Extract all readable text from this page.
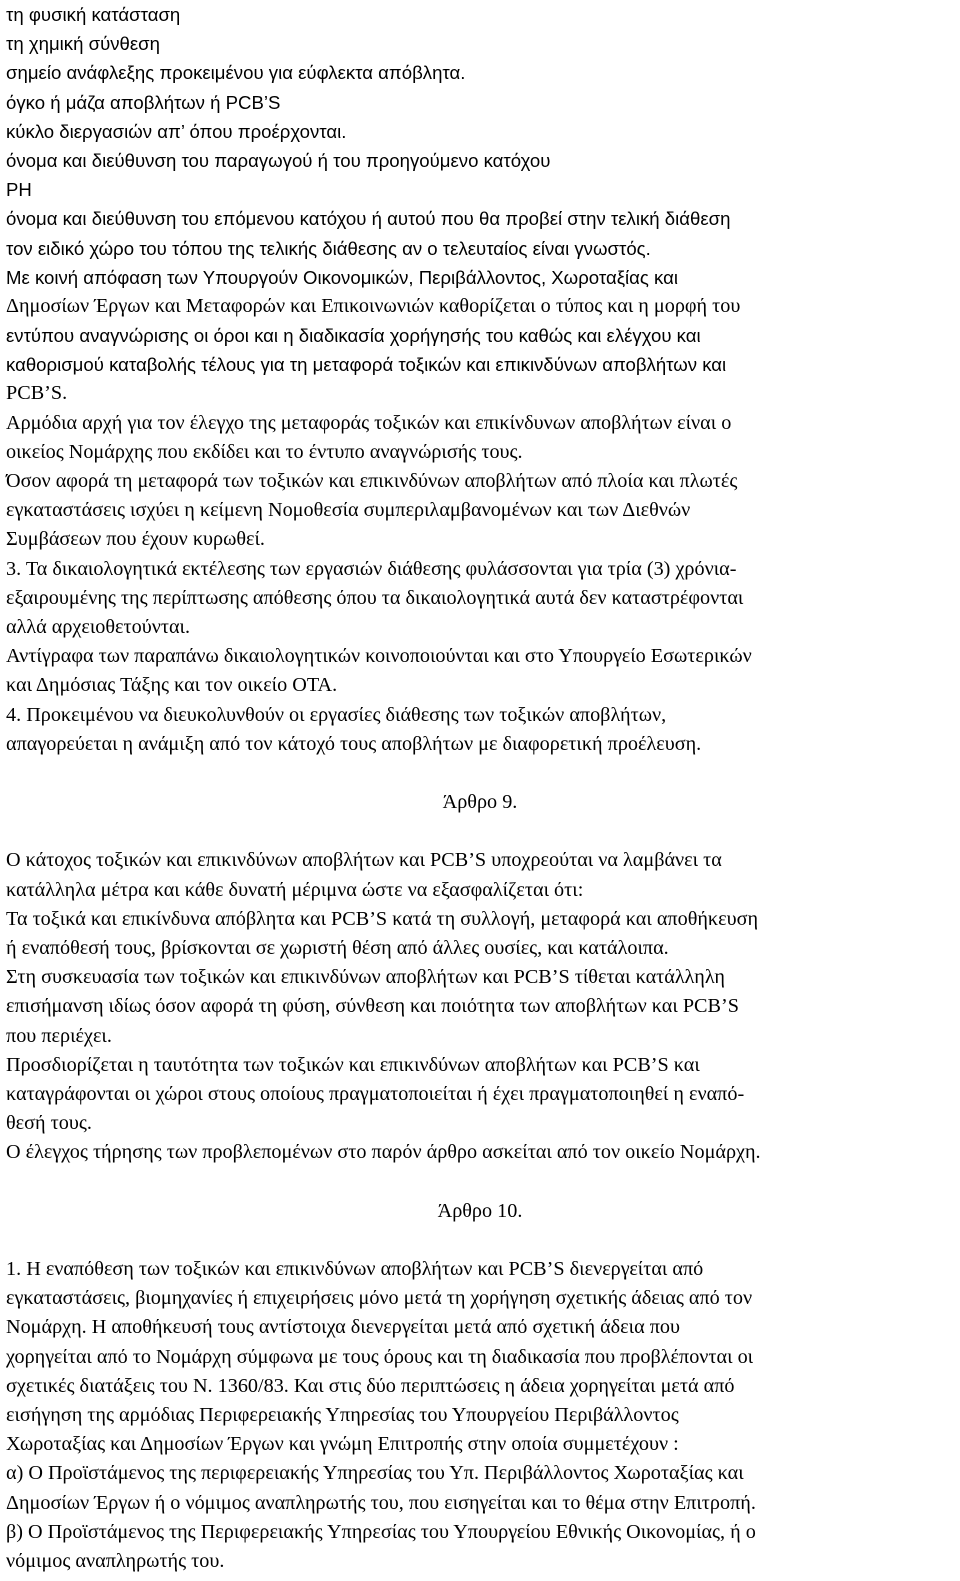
τη φυσική κατάσταση
τη χημική σύνθεση
σημείο ανάφλεξης προκειμένου για εύφλεκτα απόβλητα.
όγκο ή μάζα αποβλήτων ή PCB’S
κύκλο διεργασιών απ’ όπου προέρχονται.
όνομα και διεύθυνση του παραγωγού ή του προηγούμενο κατόχου
PH
όνομα και διεύθυνση του επόμενου κατόχου ή αυτού που θα προβεί στην τελική διάθεση
τον ειδικό χώρο του τόπου της τελικής διάθεσης αν ο τελευταίος είναι γνωστός.
Με κοινή απόφαση των Υπουργούν Οικονομικών, Περιβάλλοντος, Χωροταξίας και
Δημοσίων Έργων και Μεταφορών και Επικοινωνιών καθορίζεται ο τύπος και η μορφή του
εντύπου αναγνώρισης οι όροι και η διαδικασία χορήγησής του καθώς και ελέγχου και
καθορισμού καταβολής τέλους για τη μεταφορά τοξικών και επικινδύνων αποβλήτων και
PCB’S.
Αρμόδια αρχή για τον έλεγχο της μεταφοράς τοξικών και επικίνδυνων αποβλήτων είναι ο
οικείος Νομάρχης που εκδίδει και το έντυπο αναγνώρισής τους.
Όσον αφορά τη μεταφορά των τοξικών και επικινδύνων αποβλήτων από πλοία και πλωτές
εγκαταστάσεις ισχύει η κείμενη Νομοθεσία συμπεριλαμβανομένων και των Διεθνών
Συμβάσεων που έχουν κυρωθεί.
3. Τα δικαιολογητικά εκτέλεσης των εργασιών διάθεσης φυλάσσονται για τρία (3) χρόνια-
εξαιρουμένης της περίπτωσης απόθεσης όπου τα δικαιολογητικά αυτά δεν καταστρέφονται
αλλά αρχειοθετούνται.
Αντίγραφα των παραπάνω δικαιολογητικών κοινοποιούνται και στο Υπουργείο Εσωτερικών
και Δημόσιας Τάξης και τον οικείο ΟΤΑ.
4. Προκειμένου να διευκολυνθούν οι εργασίες διάθεσης των τοξικών αποβλήτων,
απαγορεύεται η ανάμιξη από τον κάτοχό τους αποβλήτων με διαφορετική προέλευση.
Άρθρο 9.
Ο κάτοχος τοξικών και επικινδύνων αποβλήτων και PCB’S υποχρεούται να λαμβάνει τα
κατάλληλα μέτρα και κάθε δυνατή μέριμνα ώστε να εξασφαλίζεται ότι:
Τα τοξικά και επικίνδυνα απόβλητα και PCB’S κατά τη συλλογή, μεταφορά και αποθήκευση
ή εναπόθεσή τους, βρίσκονται σε χωριστή θέση από άλλες ουσίες, και κατάλοιπα.
Στη συσκευασία των τοξικών και επικινδύνων αποβλήτων και PCB’S τίθεται κατάλληλη
επισήμανση ιδίως όσον αφορά τη φύση, σύνθεση και ποιότητα των αποβλήτων και PCB’S
που περιέχει.
Προσδιορίζεται η ταυτότητα των τοξικών και επικινδύνων αποβλήτων και PCB’S και
καταγράφονται οι χώροι στους οποίους πραγματοποιείται ή έχει πραγματοποιηθεί η εναπό-
θεσή τους.
Ο έλεγχος τήρησης των προβλεπομένων στο παρόν άρθρο ασκείται από τον οικείο Νομάρχη.
Άρθρο 10.
1. Η εναπόθεση των τοξικών και επικινδύνων αποβλήτων και PCB’S διενεργείται από
εγκαταστάσεις, βιομηχανίες ή επιχειρήσεις μόνο μετά τη χορήγηση σχετικής άδειας από τον
Νομάρχη. Η αποθήκευσή τους αντίστοιχα διενεργείται μετά από σχετική άδεια που
χορηγείται από το Νομάρχη σύμφωνα με τους όρους και τη διαδικασία που προβλέπονται οι
σχετικές διατάξεις του Ν. 1360/83. Και στις δύο περιπτώσεις η άδεια χορηγείται μετά από
εισήγηση της αρμόδιας Περιφερειακής Υπηρεσίας του Υπουργείου Περιβάλλοντος
Χωροταξίας και Δημοσίων Έργων και γνώμη Επιτροπής στην οποία συμμετέχουν :
α) Ο Προϊστάμενος της περιφερειακής Υπηρεσίας του Υπ. Περιβάλλοντος Χωροταξίας και
Δημοσίων Έργων ή ο νόμιμος αναπληρωτής του, που εισηγείται και το θέμα στην Επιτροπή.
β) Ο Προϊστάμενος της Περιφερειακής Υπηρεσίας του Υπουργείου Εθνικής Οικονομίας, ή ο
νόμιμος αναπληρωτής του.
